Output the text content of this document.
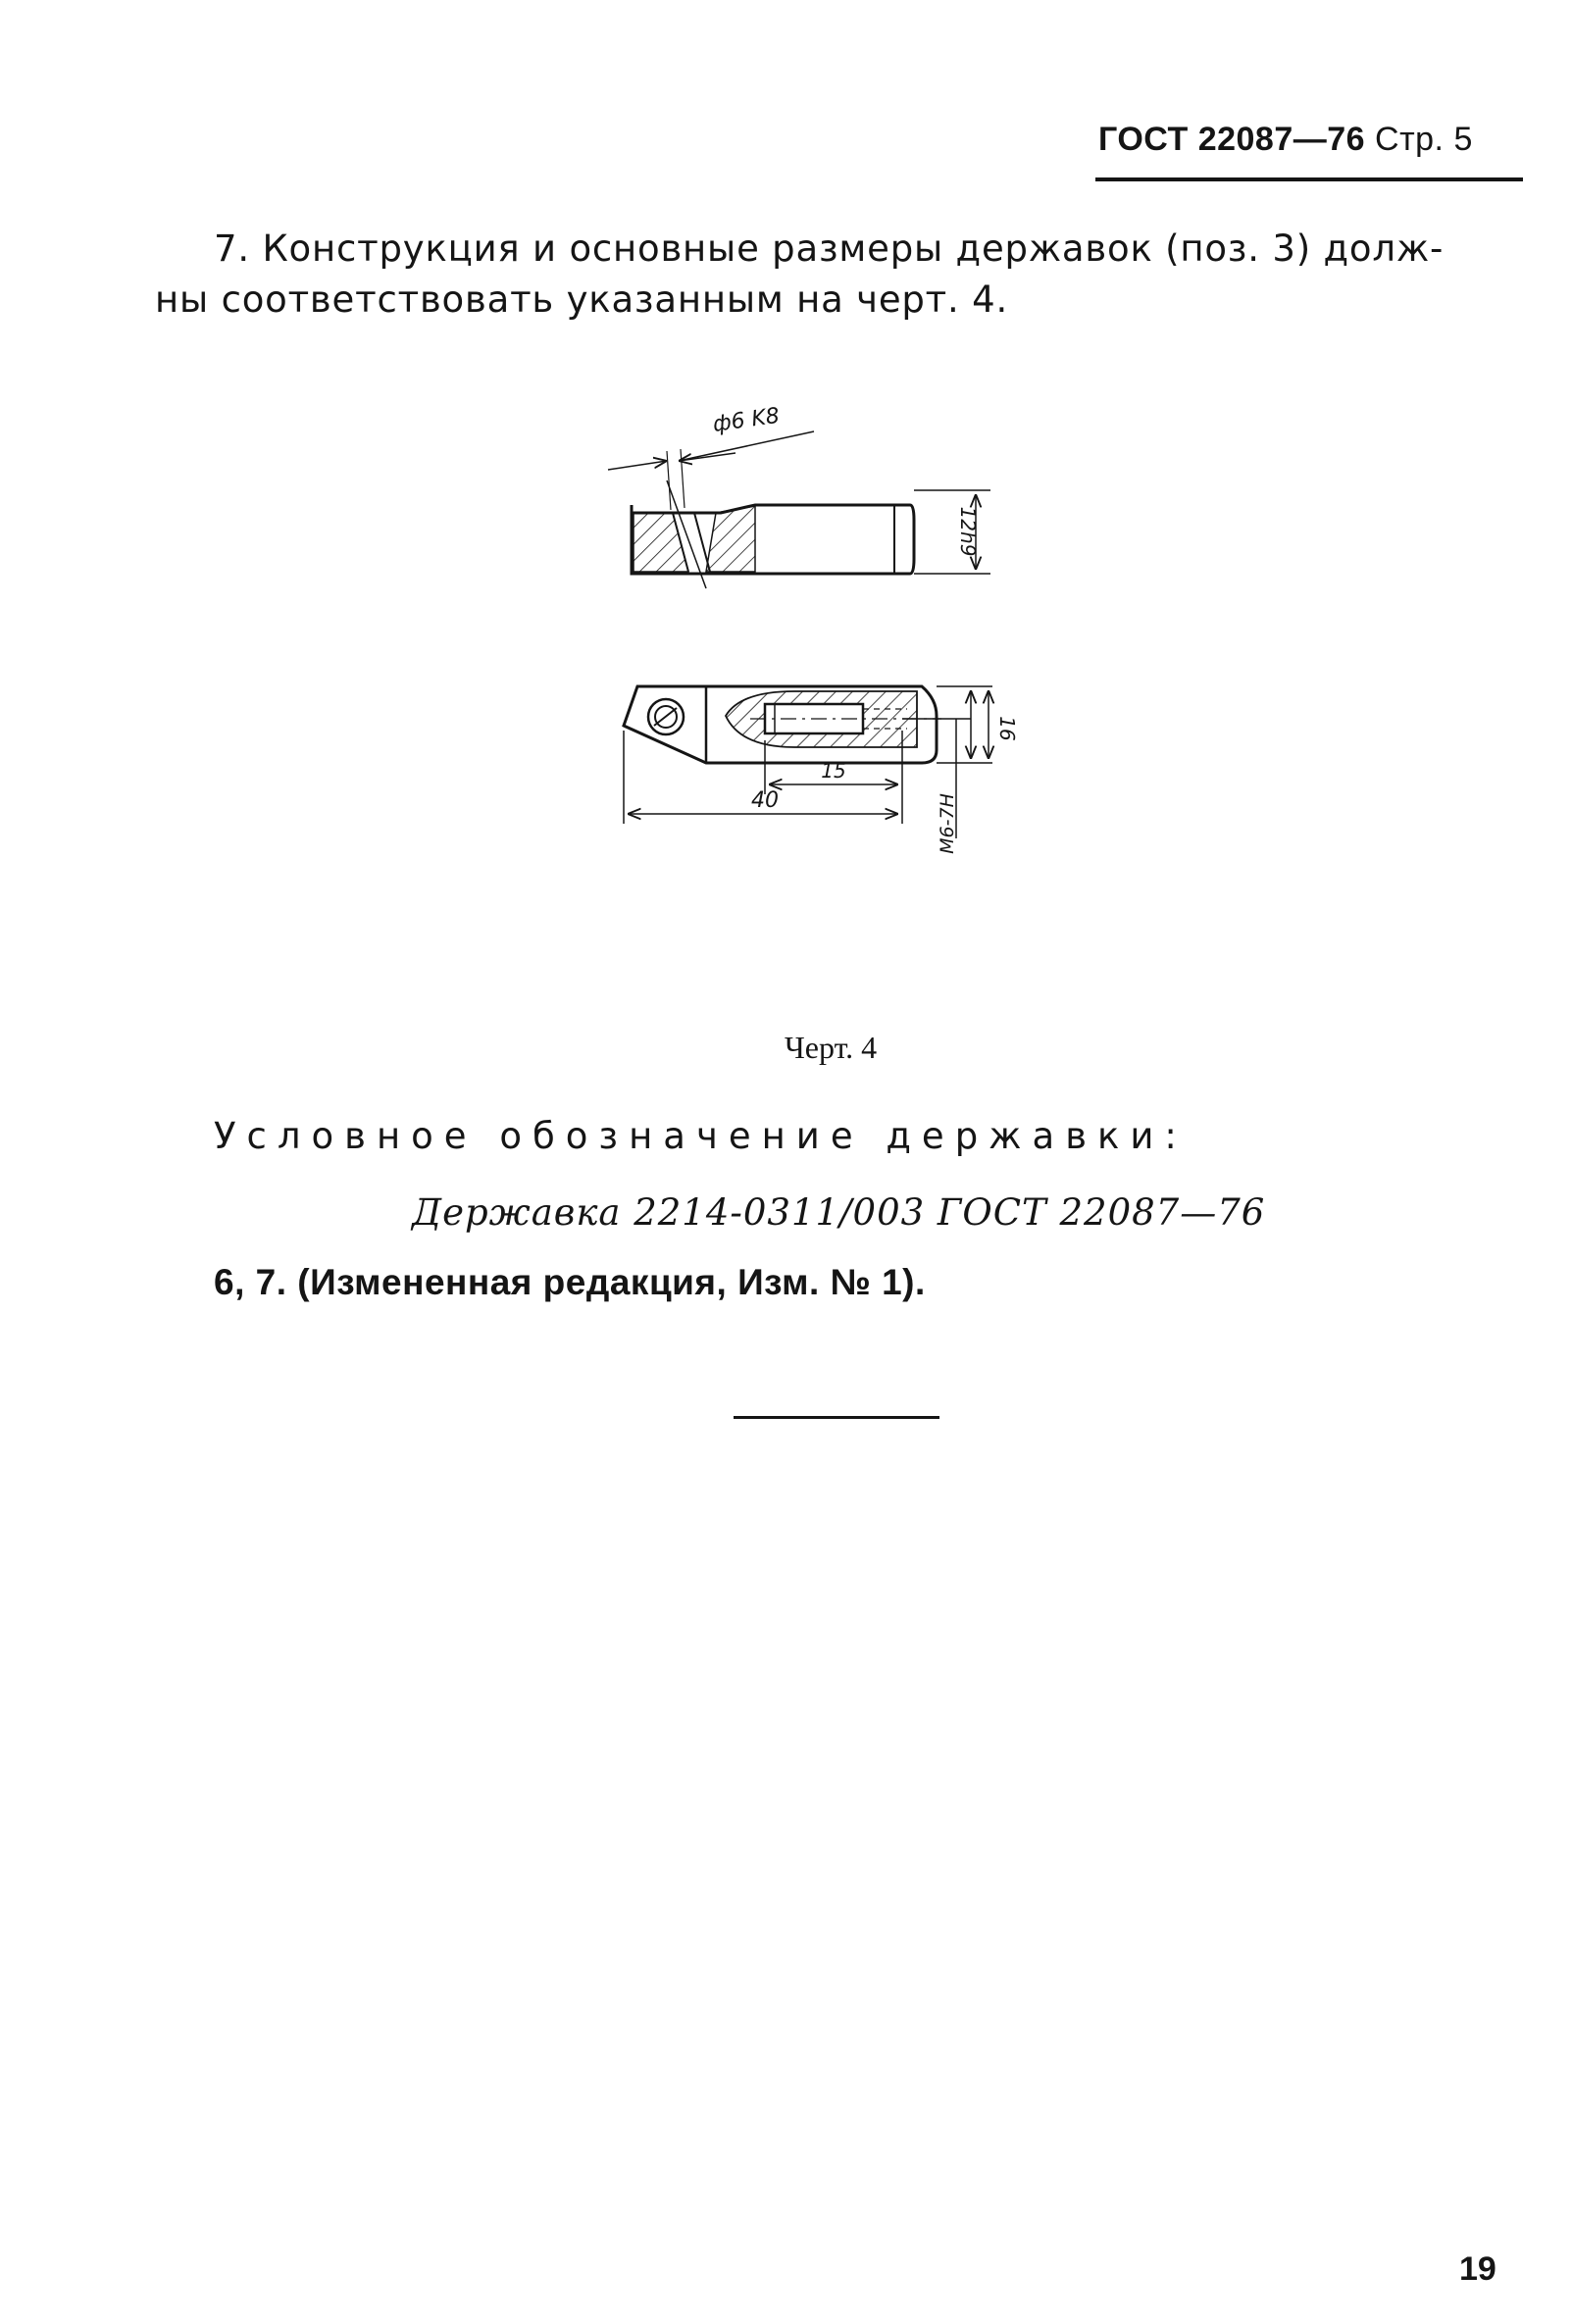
ГОСТ 22087—76 Стр. 5
7. Конструкция и основные размеры державок (поз. 3) долж-
ны соответствовать указанным на черт. 4.
ф6 K8
12h9
16
15
40	M6-7H
Черт. 4
Условное обозначение державки:
Державка 2214-0311/003 ГОСТ 22087—76
6, 7. (Измененная редакция, Изм. № 1).
19
